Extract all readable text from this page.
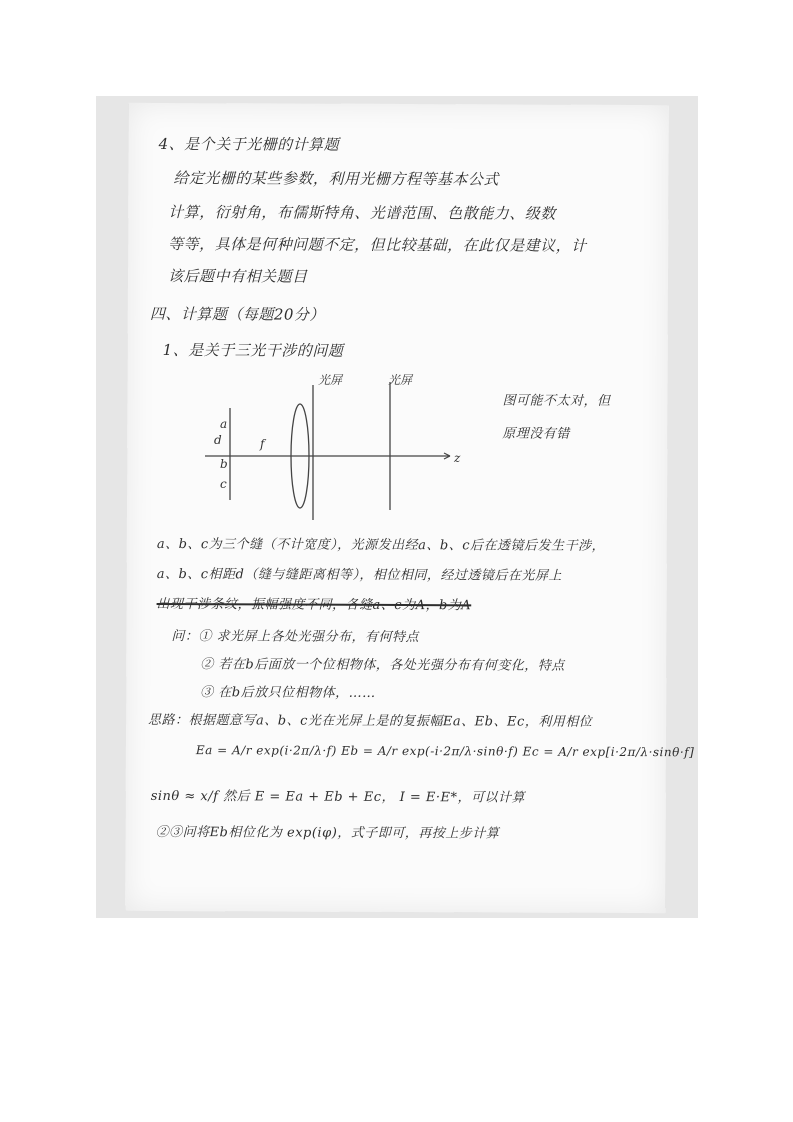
4、是个关于光栅的计算题
给定光栅的某些参数，利用光栅方程等基本公式
计算，衍射角，布儒斯特角、光谱范围、色散能力、级数
等等，具体是何种问题不定，但比较基础，在此仅是建议，计
该后题中有相关题目
四、计算题（每题20分）
1、是关于三光干涉的问题
图可能不太对，但
原理没有错
a、b、c为三个缝（不计宽度），光源发出经a、b、c后在透镜后发生干涉，
a、b、c相距d（缝与缝距离相等），相位相同，经过透镜后在光屏上
出现干涉条纹，振幅强度不同，各缝a、c为A，b为A
问：① 求光屏上各处光强分布，有何特点
② 若在b后面放一个位相物体，各处光强分布有何变化，特点
③ 在b后放只位相物体，……
思路：根据题意写a、b、c光在光屏上是的复振幅Ea、Eb、Ec，利用相位
Ea = A/r exp(i·2π/λ·f) Eb = A/r exp(-i·2π/λ·sinθ·f) Ec = A/r exp[i·2π/λ·sinθ·f]
sinθ ≈ x/f 然后 E = Ea + Eb + Ec， I = E·E*，可以计算
②③问将Eb相位化为 exp(iφ)，式子即可，再按上步计算
光屏	光屏
a
d
b
c
f
z
